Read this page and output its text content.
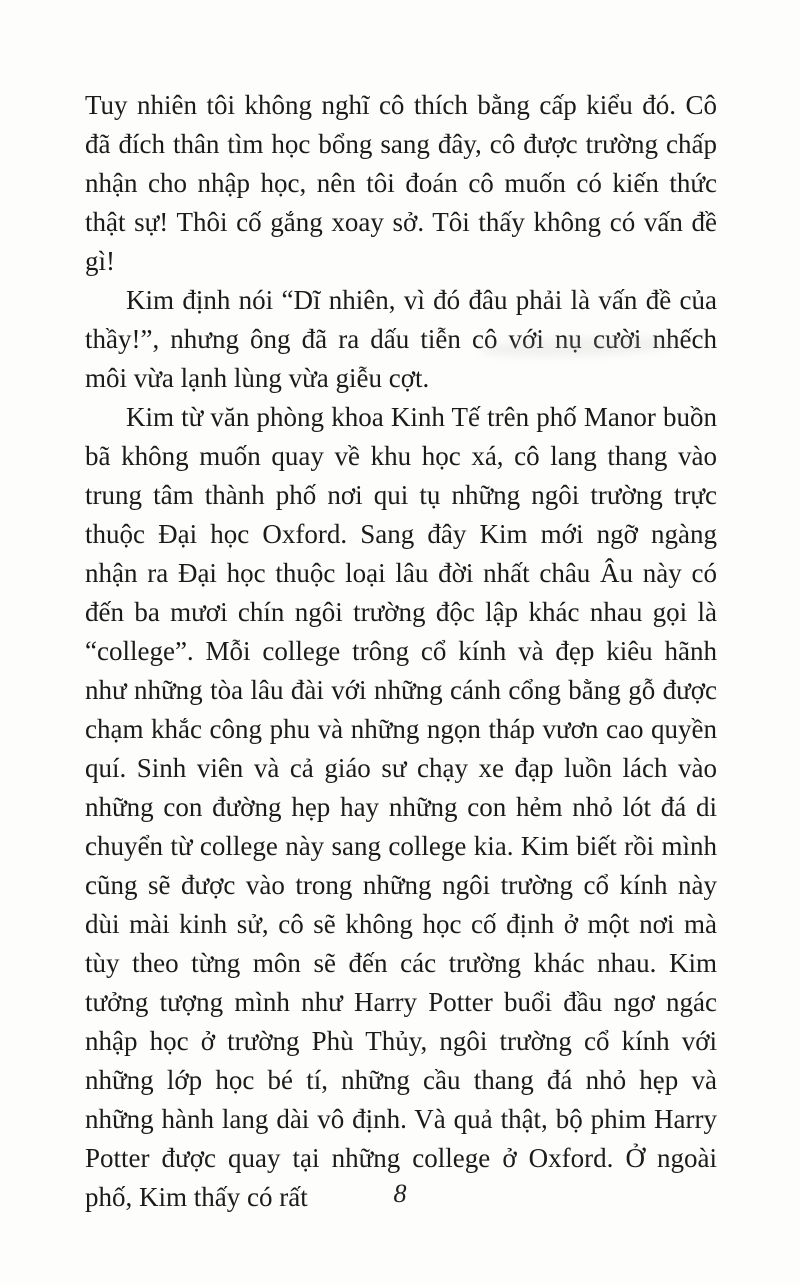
Tuy nhiên tôi không nghĩ cô thích bằng cấp kiểu đó. Cô đã đích thân tìm học bổng sang đây, cô được trường chấp nhận cho nhập học, nên tôi đoán cô muốn có kiến thức thật sự! Thôi cố gắng xoay sở. Tôi thấy không có vấn đề gì!

Kim định nói “Dĩ nhiên, vì đó đâu phải là vấn đề của thầy!”, nhưng ông đã ra dấu tiễn cô với nụ cười nhếch môi vừa lạnh lùng vừa giễu cợt.

Kim từ văn phòng khoa Kinh Tế trên phố Manor buồn bã không muốn quay về khu học xá, cô lang thang vào trung tâm thành phố nơi qui tụ những ngôi trường trực thuộc Đại học Oxford. Sang đây Kim mới ngỡ ngàng nhận ra Đại học thuộc loại lâu đời nhất châu Âu này có đến ba mươi chín ngôi trường độc lập khác nhau gọi là “college”. Mỗi college trông cổ kính và đẹp kiêu hãnh như những tòa lâu đài với những cánh cổng bằng gỗ được chạm khắc công phu và những ngọn tháp vươn cao quyền quí. Sinh viên và cả giáo sư chạy xe đạp luồn lách vào những con đường hẹp hay những con hẻm nhỏ lót đá di chuyển từ college này sang college kia. Kim biết rồi mình cũng sẽ được vào trong những ngôi trường cổ kính này dùi mài kinh sử, cô sẽ không học cố định ở một nơi mà tùy theo từng môn sẽ đến các trường khác nhau. Kim tưởng tượng mình như Harry Potter buổi đầu ngơ ngác nhập học ở trường Phù Thủy, ngôi trường cổ kính với những lớp học bé tí, những cầu thang đá nhỏ hẹp và những hành lang dài vô định. Và quả thật, bộ phim Harry Potter được quay tại những college ở Oxford. Ở ngoài phố, Kim thấy có rất	8
